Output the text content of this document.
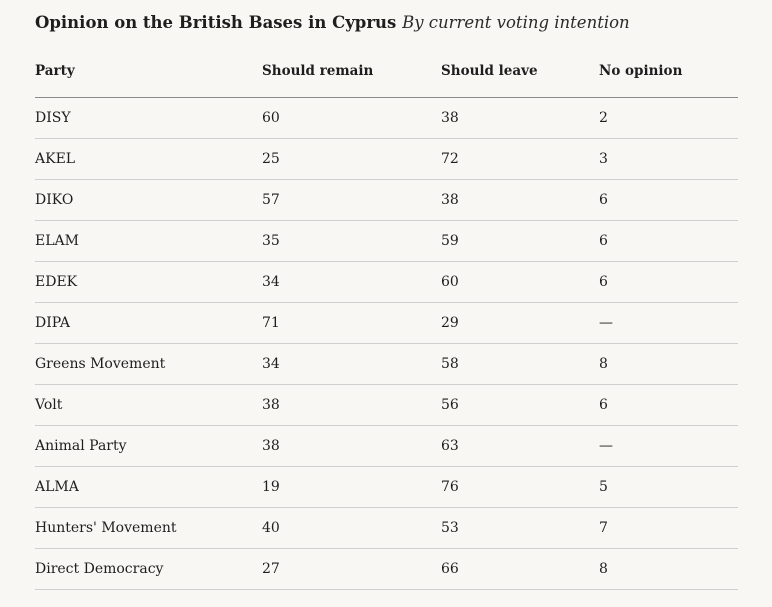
Opinion on the British Bases in Cyprus By current voting intention
Party	Should remain	Should leave	No opinion
DISY	60	38	2
AKEL	25	72	3
DIKO	57	38	6
ELAM	35	59	6
EDEK	34	60	6
DIPA	71	29	—
Greens Movement	34	58	8
Volt	38	56	6
Animal Party	38	63	—
ALMA	19	76	5
Hunters' Movement	40	53	7
Direct Democracy	27	66	8
